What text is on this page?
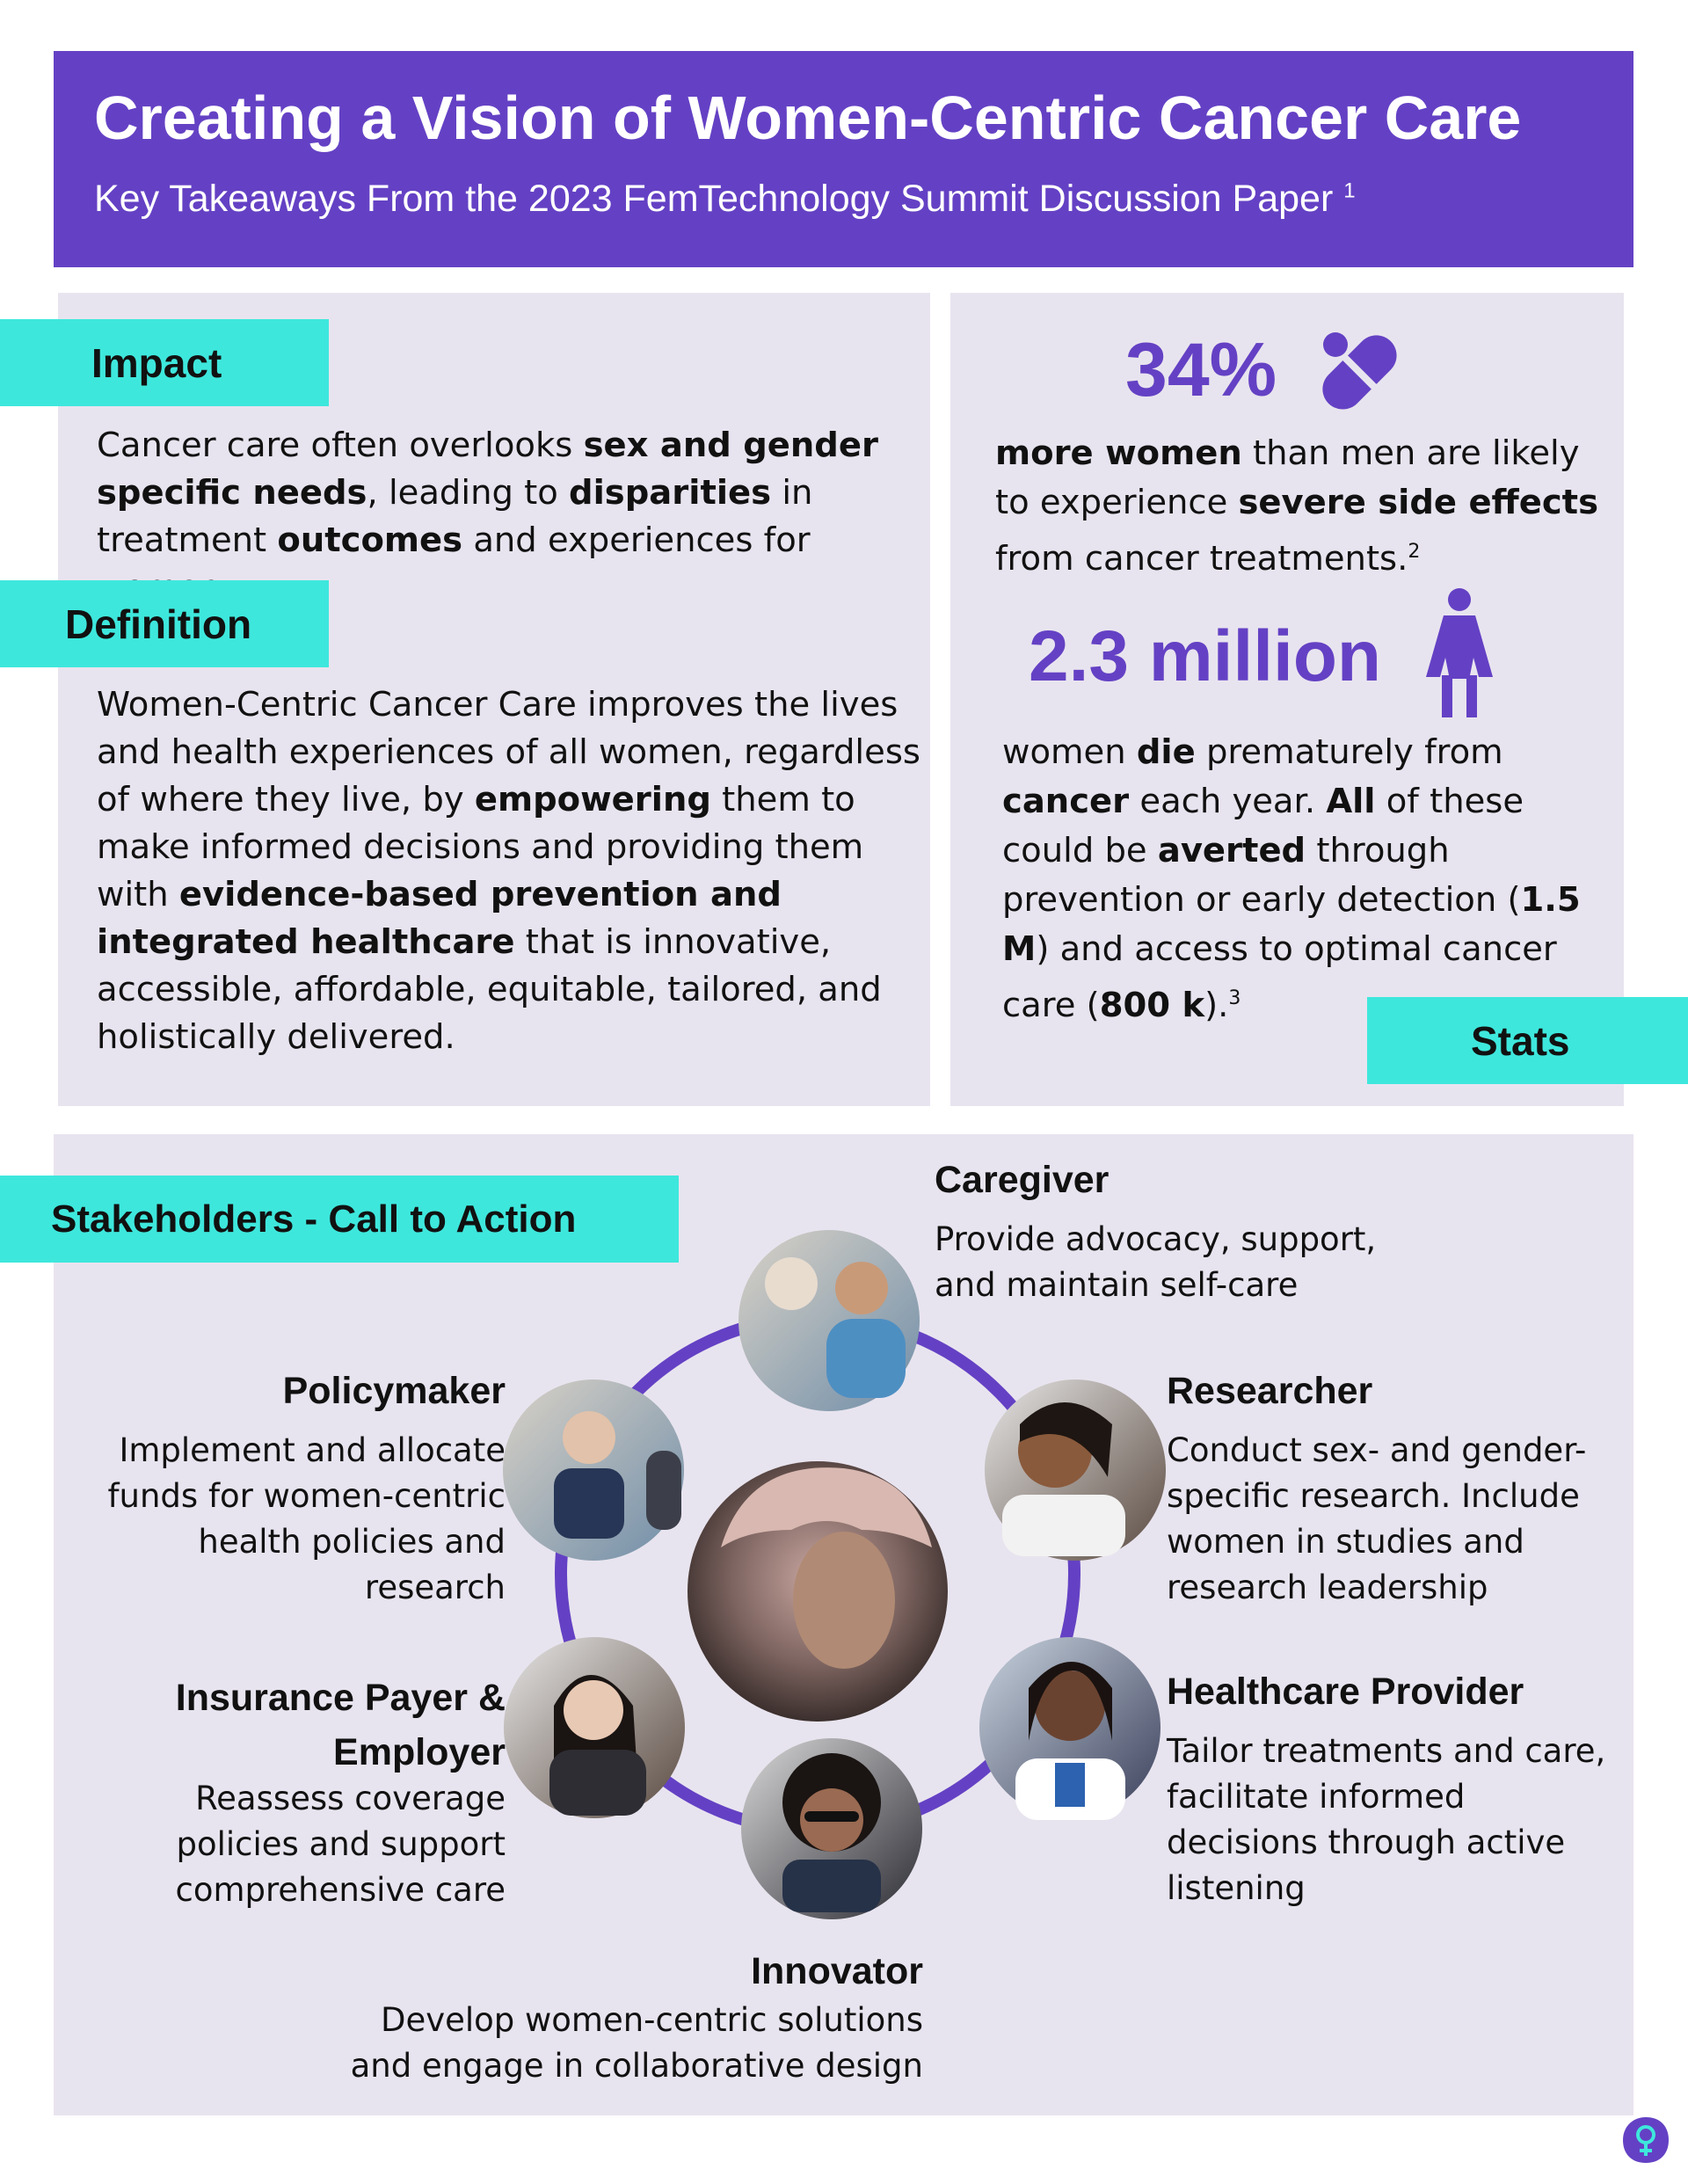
Creating a Vision of Women-Centric Cancer Care
Key Takeaways From the 2023 FemTechnology Summit Discussion Paper $^1$
Impact
Cancer care often overlooks sex and gender specific needs, leading to disparities in treatment outcomes and experiences for
Definition
Women-Centric Cancer Care improves the lives and health experiences of all women, regardless of where they live, by empowering them to make informed decisions and providing them with evidence-based prevention and integrated healthcare that is innovative, accessible, affordable, equitable, tailored, and holistically delivered.
34%
more women than men are likely to experience severe side effects from cancer treatments.$^2$
2.3 million
women die prematurely from cancer each year. All of these could be averted through prevention or early detection (1.5 M) and access to optimal cancer care (800 k).$^3$
Stats
Stakeholders - Call to Action
Caregiver
Provide advocacy, support, and maintain self-care
Researcher
Conduct sex- and gender-specific research. Include women in studies and research leadership
Healthcare Provider
Tailor treatments and care, facilitate informed decisions through active listening
Policymaker
Implement and allocate funds for women-centric health policies and research
Insurance Payer & Employer
Reassess coverage policies and support comprehensive care
Innovator
Develop women-centric solutions and engage in collaborative design
